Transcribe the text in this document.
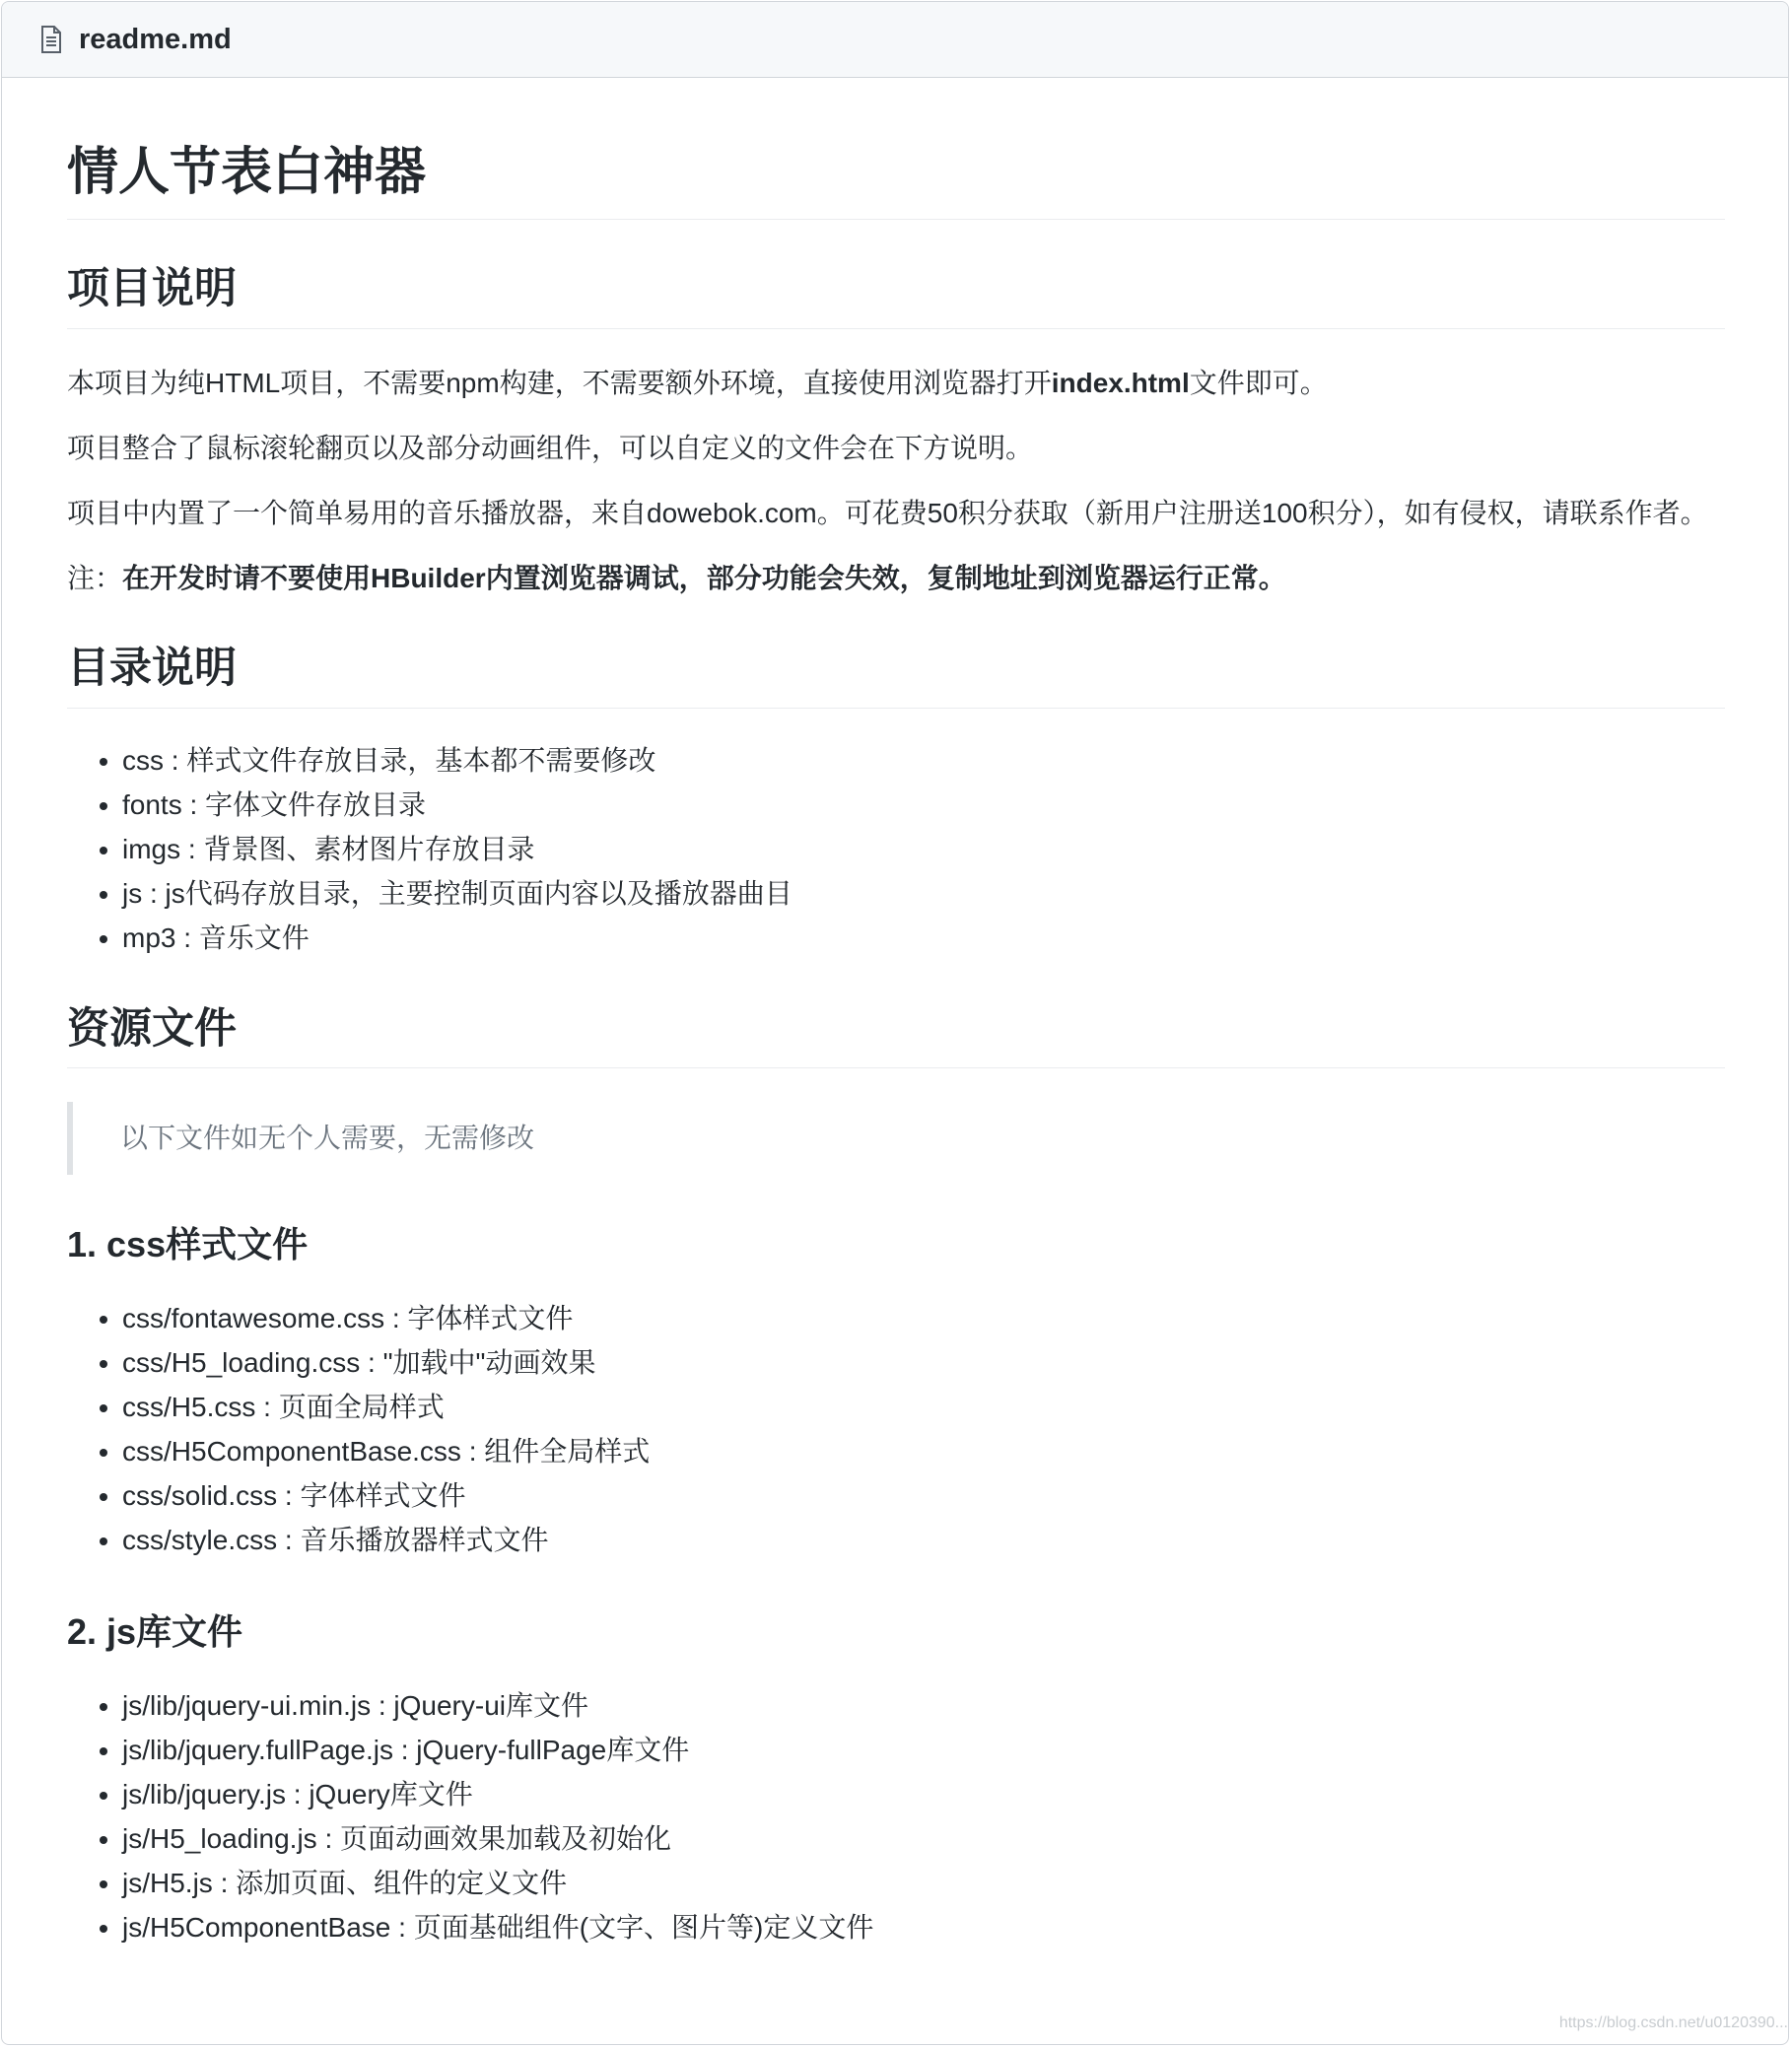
readme.md
情人节表白神器
项目说明

本项目为纯HTML项目，不需要npm构建，不需要额外环境，直接使用浏览器打开index.html文件即可。

项目整合了鼠标滚轮翻页以及部分动画组件，可以自定义的文件会在下方说明。

项目中内置了一个简单易用的音乐播放器，来自dowebok.com。可花费50积分获取（新用户注册送100积分），如有侵权，请联系作者。

注：在开发时请不要使用HBuilder内置浏览器调试，部分功能会失效，复制地址到浏览器运行正常。

目录说明
• css : 样式文件存放目录，基本都不需要修改
• fonts : 字体文件存放目录
• imgs : 背景图、素材图片存放目录
• js : js代码存放目录，主要控制页面内容以及播放器曲目
• mp3 : 音乐文件
资源文件
以下文件如无个人需要，无需修改
1. css样式文件
• css/fontawesome.css : 字体样式文件
• css/H5_loading.css : "加载中"动画效果
• css/H5.css : 页面全局样式
• css/H5ComponentBase.css : 组件全局样式
• css/solid.css : 字体样式文件
• css/style.css : 音乐播放器样式文件
2. js库文件
• js/lib/jquery-ui.min.js : jQuery-ui库文件
• js/lib/jquery.fullPage.js : jQuery-fullPage库文件
• js/lib/jquery.js : jQuery库文件
• js/H5_loading.js : 页面动画效果加载及初始化
• js/H5.js : 添加页面、组件的定义文件
• js/H5ComponentBase : 页面基础组件(文字、图片等)定义文件
https://blog.csdn.net/u0120390...
